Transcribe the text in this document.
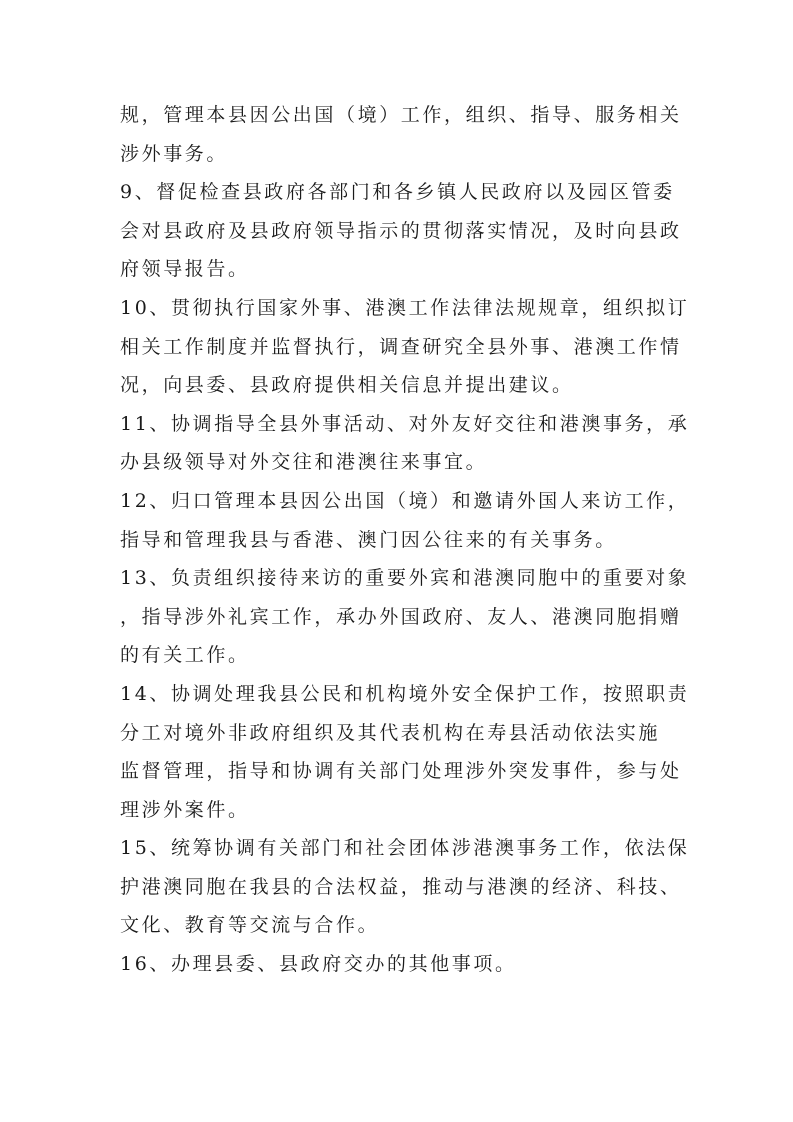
规，管理本县因公出国（境）工作，组织、指导、服务相关
涉外事务。
9、督促检查县政府各部门和各乡镇人民政府以及园区管委
会对县政府及县政府领导指示的贯彻落实情况，及时向县政
府领导报告。
10、贯彻执行国家外事、港澳工作法律法规规章，组织拟订
相关工作制度并监督执行，调查研究全县外事、港澳工作情
况，向县委、县政府提供相关信息并提出建议。
11、协调指导全县外事活动、对外友好交往和港澳事务，承
办县级领导对外交往和港澳往来事宜。
12、归口管理本县因公出国（境）和邀请外国人来访工作，
指导和管理我县与香港、澳门因公往来的有关事务。
13、负责组织接待来访的重要外宾和港澳同胞中的重要对象
，指导涉外礼宾工作，承办外国政府、友人、港澳同胞捐赠
的有关工作。
14、协调处理我县公民和机构境外安全保护工作，按照职责
分工对境外非政府组织及其代表机构在寿县活动依法实施
监督管理，指导和协调有关部门处理涉外突发事件，参与处
理涉外案件。
15、统筹协调有关部门和社会团体涉港澳事务工作，依法保
护港澳同胞在我县的合法权益，推动与港澳的经济、科技、
文化、教育等交流与合作。
16、办理县委、县政府交办的其他事项。
